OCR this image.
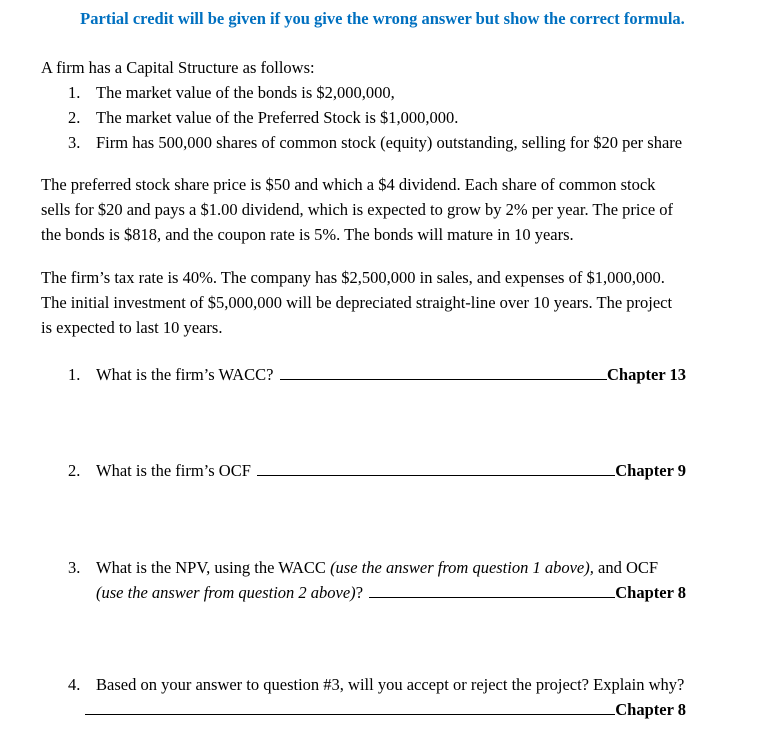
Partial credit will be given if you give the wrong answer but show the correct formula.
A firm has a Capital Structure as follows:
1. The market value of the bonds is $2,000,000,
2. The market value of the Preferred Stock is $1,000,000.
3. Firm has 500,000 shares of common stock (equity) outstanding, selling for $20 per share
The preferred stock share price is $50 and which a $4 dividend. Each share of common stock
sells for $20 and pays a $1.00 dividend, which is expected to grow by 2% per year. The price of
the bonds is $818, and the coupon rate is 5%. The bonds will mature in 10 years.
The firm’s tax rate is 40%. The company has $2,500,000 in sales, and expenses of $1,000,000.
The initial investment of $5,000,000 will be depreciated straight-line over 10 years. The project
is expected to last 10 years.
1. What is the firm’s WACC?	Chapter 13
2. What is the firm’s OCF	Chapter 9
3. What is the NPV, using the WACC (use the answer from question 1 above), and OCF
(use the answer from question 2 above)?	Chapter 8
4. Based on your answer to question #3, will you accept or reject the project? Explain why?
Chapter 8
